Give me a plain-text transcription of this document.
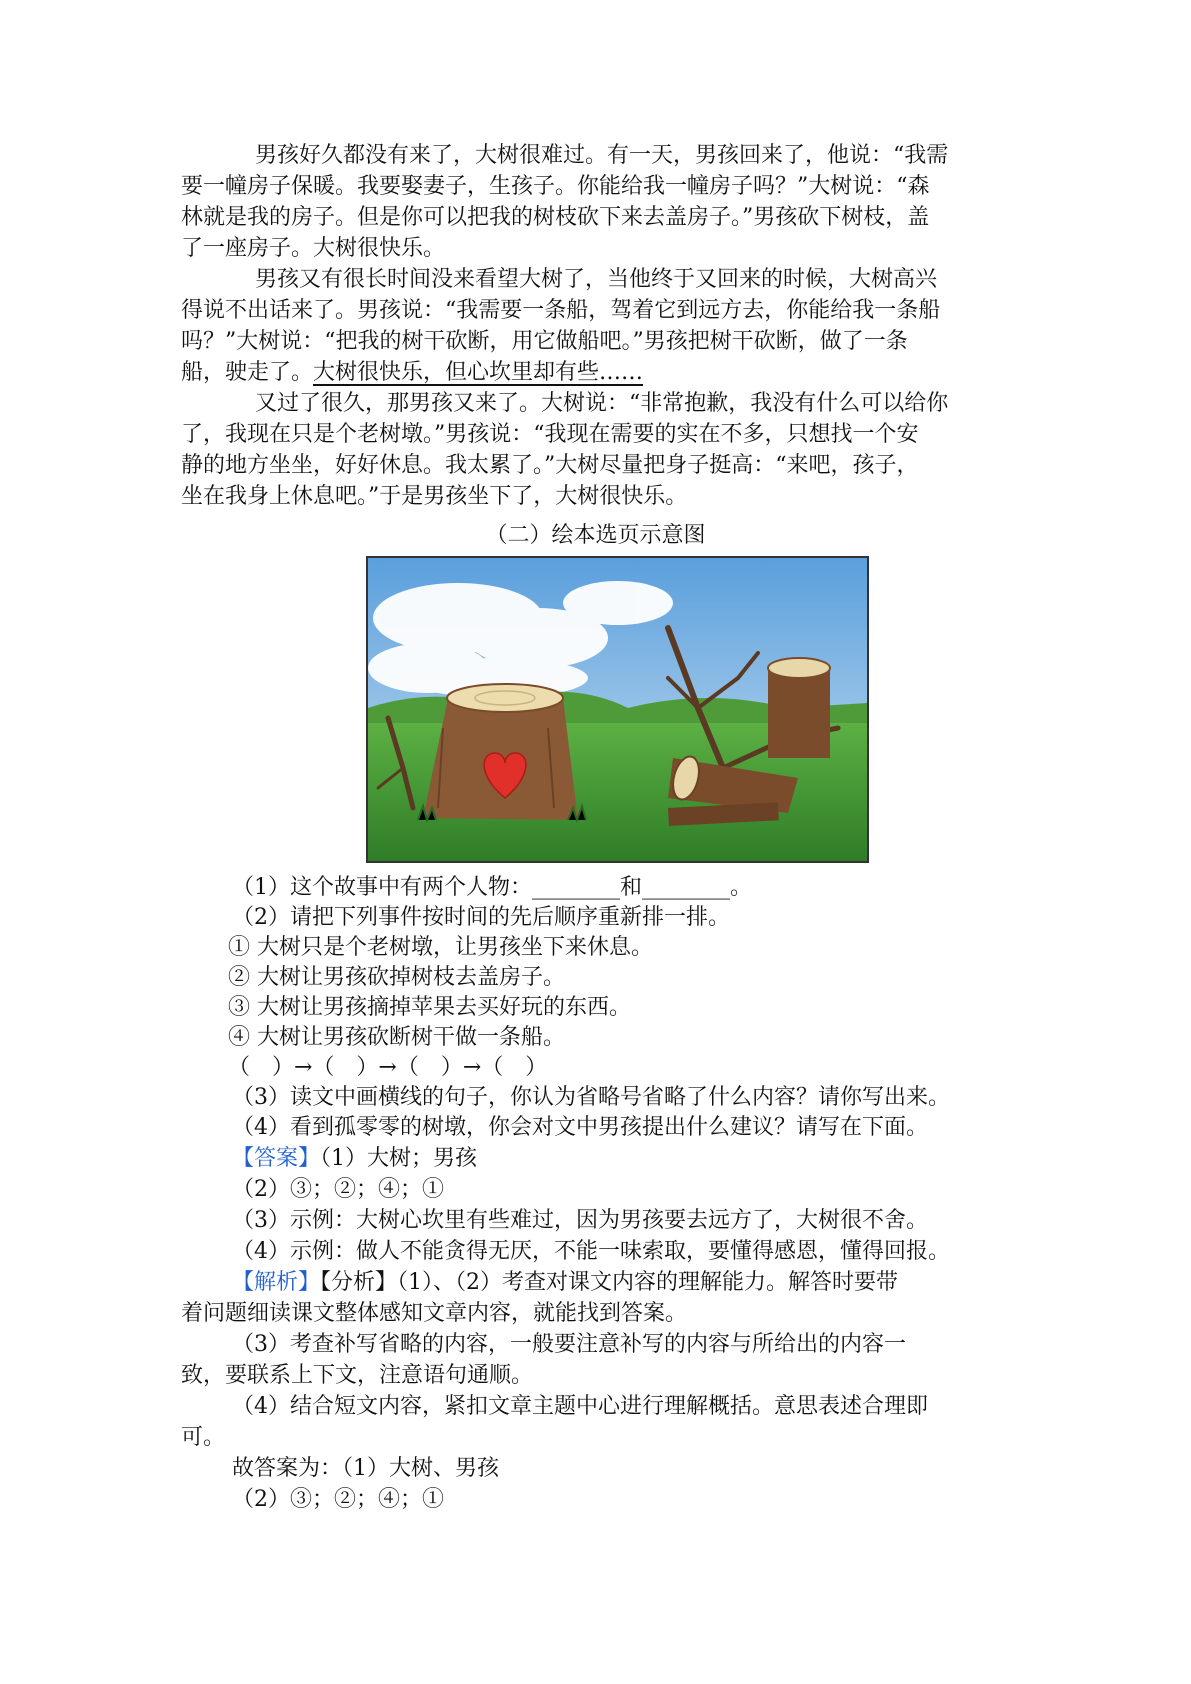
男孩好久都没有来了，大树很难过。有一天，男孩回来了，他说：“我需
要一幢房子保暖。我要娶妻子，生孩子。你能给我一幢房子吗？”大树说：“森
林就是我的房子。但是你可以把我的树枝砍下来去盖房子。”男孩砍下树枝，盖
了一座房子。大树很快乐。
男孩又有很长时间没来看望大树了，当他终于又回来的时候，大树高兴
得说不出话来了。男孩说：“我需要一条船，驾着它到远方去，你能给我一条船
吗？”大树说：“把我的树干砍断，用它做船吧。”男孩把树干砍断，做了一条
船，驶走了。大树很快乐，但心坎里却有些……
又过了很久，那男孩又来了。大树说：“非常抱歉，我没有什么可以给你
了，我现在只是个老树墩。”男孩说：“我现在需要的实在不多，只想找一个安
静的地方坐坐，好好休息。我太累了。”大树尽量把身子挺高：“来吧，孩子，
坐在我身上休息吧。”于是男孩坐下了，大树很快乐。
（二）绘本选页示意图
（1）这个故事中有两个人物：________和________。
（2）请把下列事件按时间的先后顺序重新排一排。
① 大树只是个老树墩，让男孩坐下来休息。
② 大树让男孩砍掉树枝去盖房子。
③ 大树让男孩摘掉苹果去买好玩的东西。
④ 大树让男孩砍断树干做一条船。
（　）→（　）→（　）→（　）
（3）读文中画横线的句子，你认为省略号省略了什么内容？请你写出来。
（4）看到孤零零的树墩，你会对文中男孩提出什么建议？请写在下面。
【答案】（1）大树；男孩
（2）③；②；④；①
（3）示例：大树心坎里有些难过，因为男孩要去远方了，大树很不舍。
（4）示例：做人不能贪得无厌，不能一味索取，要懂得感恩，懂得回报。
【解析】【分析】（1）、（2）考查对课文内容的理解能力。解答时要带
着问题细读课文整体感知文章内容，就能找到答案。
（3）考查补写省略的内容，一般要注意补写的内容与所给出的内容一
致，要联系上下文，注意语句通顺。
（4）结合短文内容，紧扣文章主题中心进行理解概括。意思表述合理即
可。
故答案为：（1）大树、男孩
（2）③；②；④；①
